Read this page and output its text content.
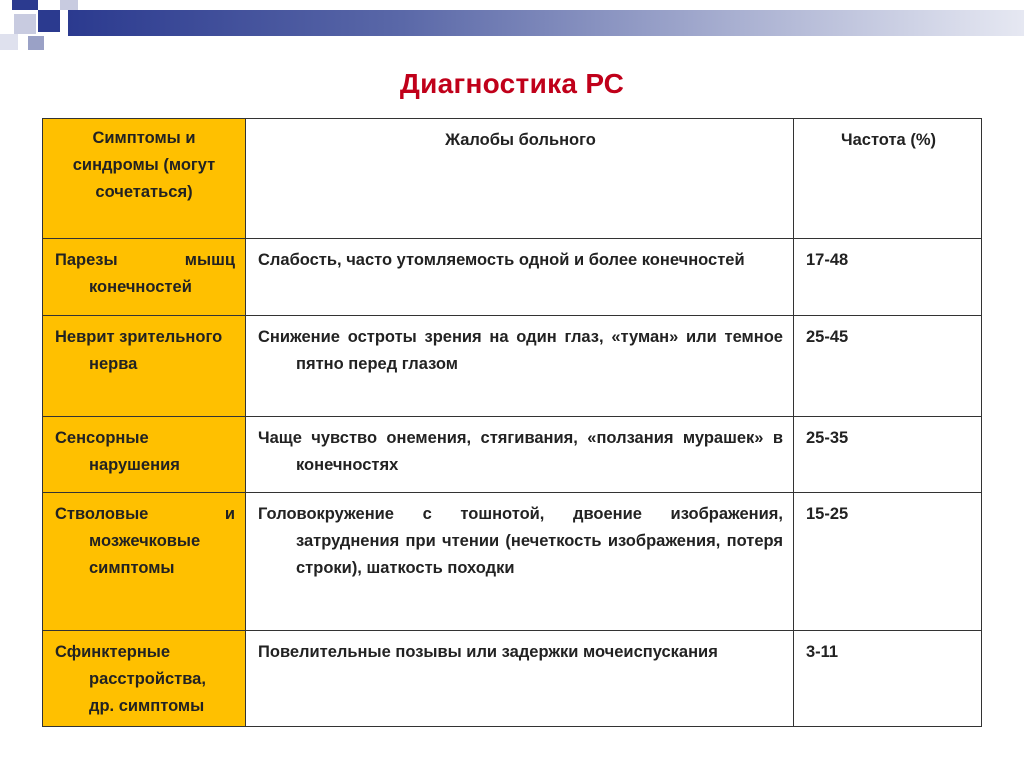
Диагностика РС
Симптомы и синдромы (могут сочетаться)	Жалобы больного	Частота (%)
Парезы мышц конечностей	Слабость, часто утомляемость одной и более конечностей	17-48
Неврит зрительного нерва	Снижение остроты зрения на один глаз, «туман» или темное пятно перед глазом	25-45
Сенсорные нарушения	Чаще чувство онемения, стягивания, «ползания мурашек» в конечностях	25-35
Стволовые и мозжечковые симптомы	Головокружение с тошнотой, двоение изображения, затруднения при чтении (нечеткость изображения, потеря строки), шаткость походки	15-25
Сфинктерные расстройства, др. симптомы	Повелительные позывы или задержки мочеиспускания	3-11
